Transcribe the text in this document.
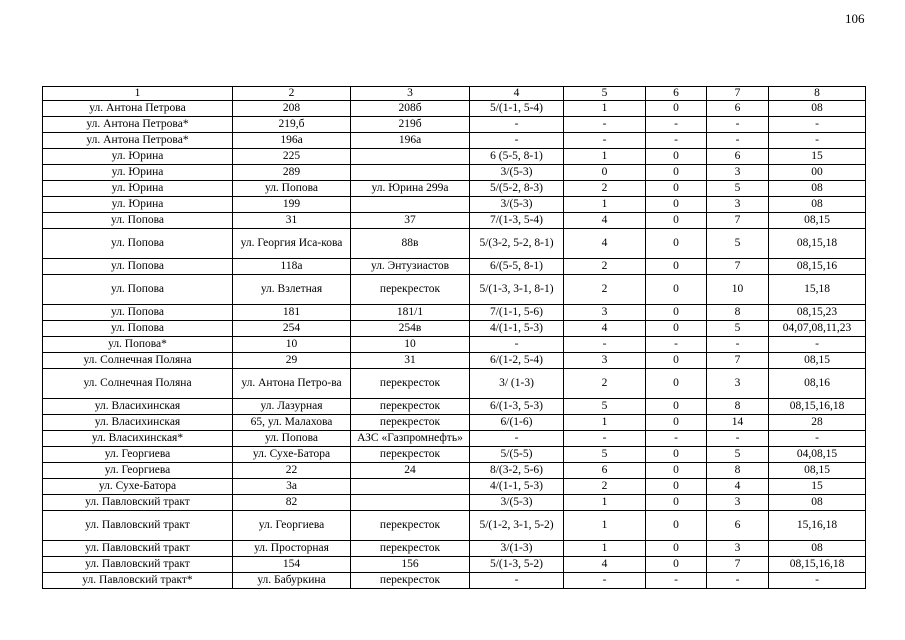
106
1	2	3	4	5	6	7	8
ул. Антона Петрова	208	208б	5/(1-1, 5-4)	1	0	6	08
ул. Антона Петрова*	219,б	219б	-	-	-	-	-
ул. Антона Петрова*	196а	196а	-	-	-	-	-
ул. Юрина	225		6 (5-5, 8-1)	1	0	6	15
ул. Юрина	289		3/(5-3)	0	0	3	00
ул. Юрина	ул. Попова	ул. Юрина 299а	5/(5-2, 8-3)	2	0	5	08
ул. Юрина	199		3/(5-3)	1	0	3	08
ул. Попова	31	37	7/(1-3, 5-4)	4	0	7	08,15
ул. Попова	ул. Георгия Иса-кова	88в	5/(3-2, 5-2, 8-1)	4	0	5	08,15,18
ул. Попова	118а	ул. Энтузиастов	6/(5-5, 8-1)	2	0	7	08,15,16
ул. Попова	ул. Взлетная	перекресток	5/(1-3, 3-1, 8-1)	2	0	10	15,18
ул. Попова	181	181/1	7/(1-1, 5-6)	3	0	8	08,15,23
ул. Попова	254	254в	4/(1-1, 5-3)	4	0	5	04,07,08,11,23
ул. Попова*	10	10	-	-	-	-	-
ул. Солнечная Поляна	29	31	6/(1-2, 5-4)	3	0	7	08,15
ул. Солнечная Поляна	ул. Антона Петро-ва	перекресток	3/ (1-3)	2	0	3	08,16
ул. Власихинская	ул. Лазурная	перекресток	6/(1-3, 5-3)	5	0	8	08,15,16,18
ул. Власихинская	65, ул. Малахова	перекресток	6/(1-6)	1	0	14	28
ул. Власихинская*	ул. Попова	АЗС «Газпромнефть»	-	-	-	-	-
ул. Георгиева	ул. Сухе-Батора	перекресток	5/(5-5)	5	0	5	04,08,15
ул. Георгиева	22	24	8/(3-2, 5-6)	6	0	8	08,15
ул. Сухе-Батора	3а		4/(1-1, 5-3)	2	0	4	15
ул. Павловский тракт	82		3/(5-3)	1	0	3	08
ул. Павловский тракт	ул. Георгиева	перекресток	5/(1-2, 3-1, 5-2)	1	0	6	15,16,18
ул. Павловский тракт	ул. Просторная	перекресток	3/(1-3)	1	0	3	08
ул. Павловский тракт	154	156	5/(1-3, 5-2)	4	0	7	08,15,16,18
ул. Павловский тракт*	ул. Бабуркина	перекресток	-	-	-	-	-
